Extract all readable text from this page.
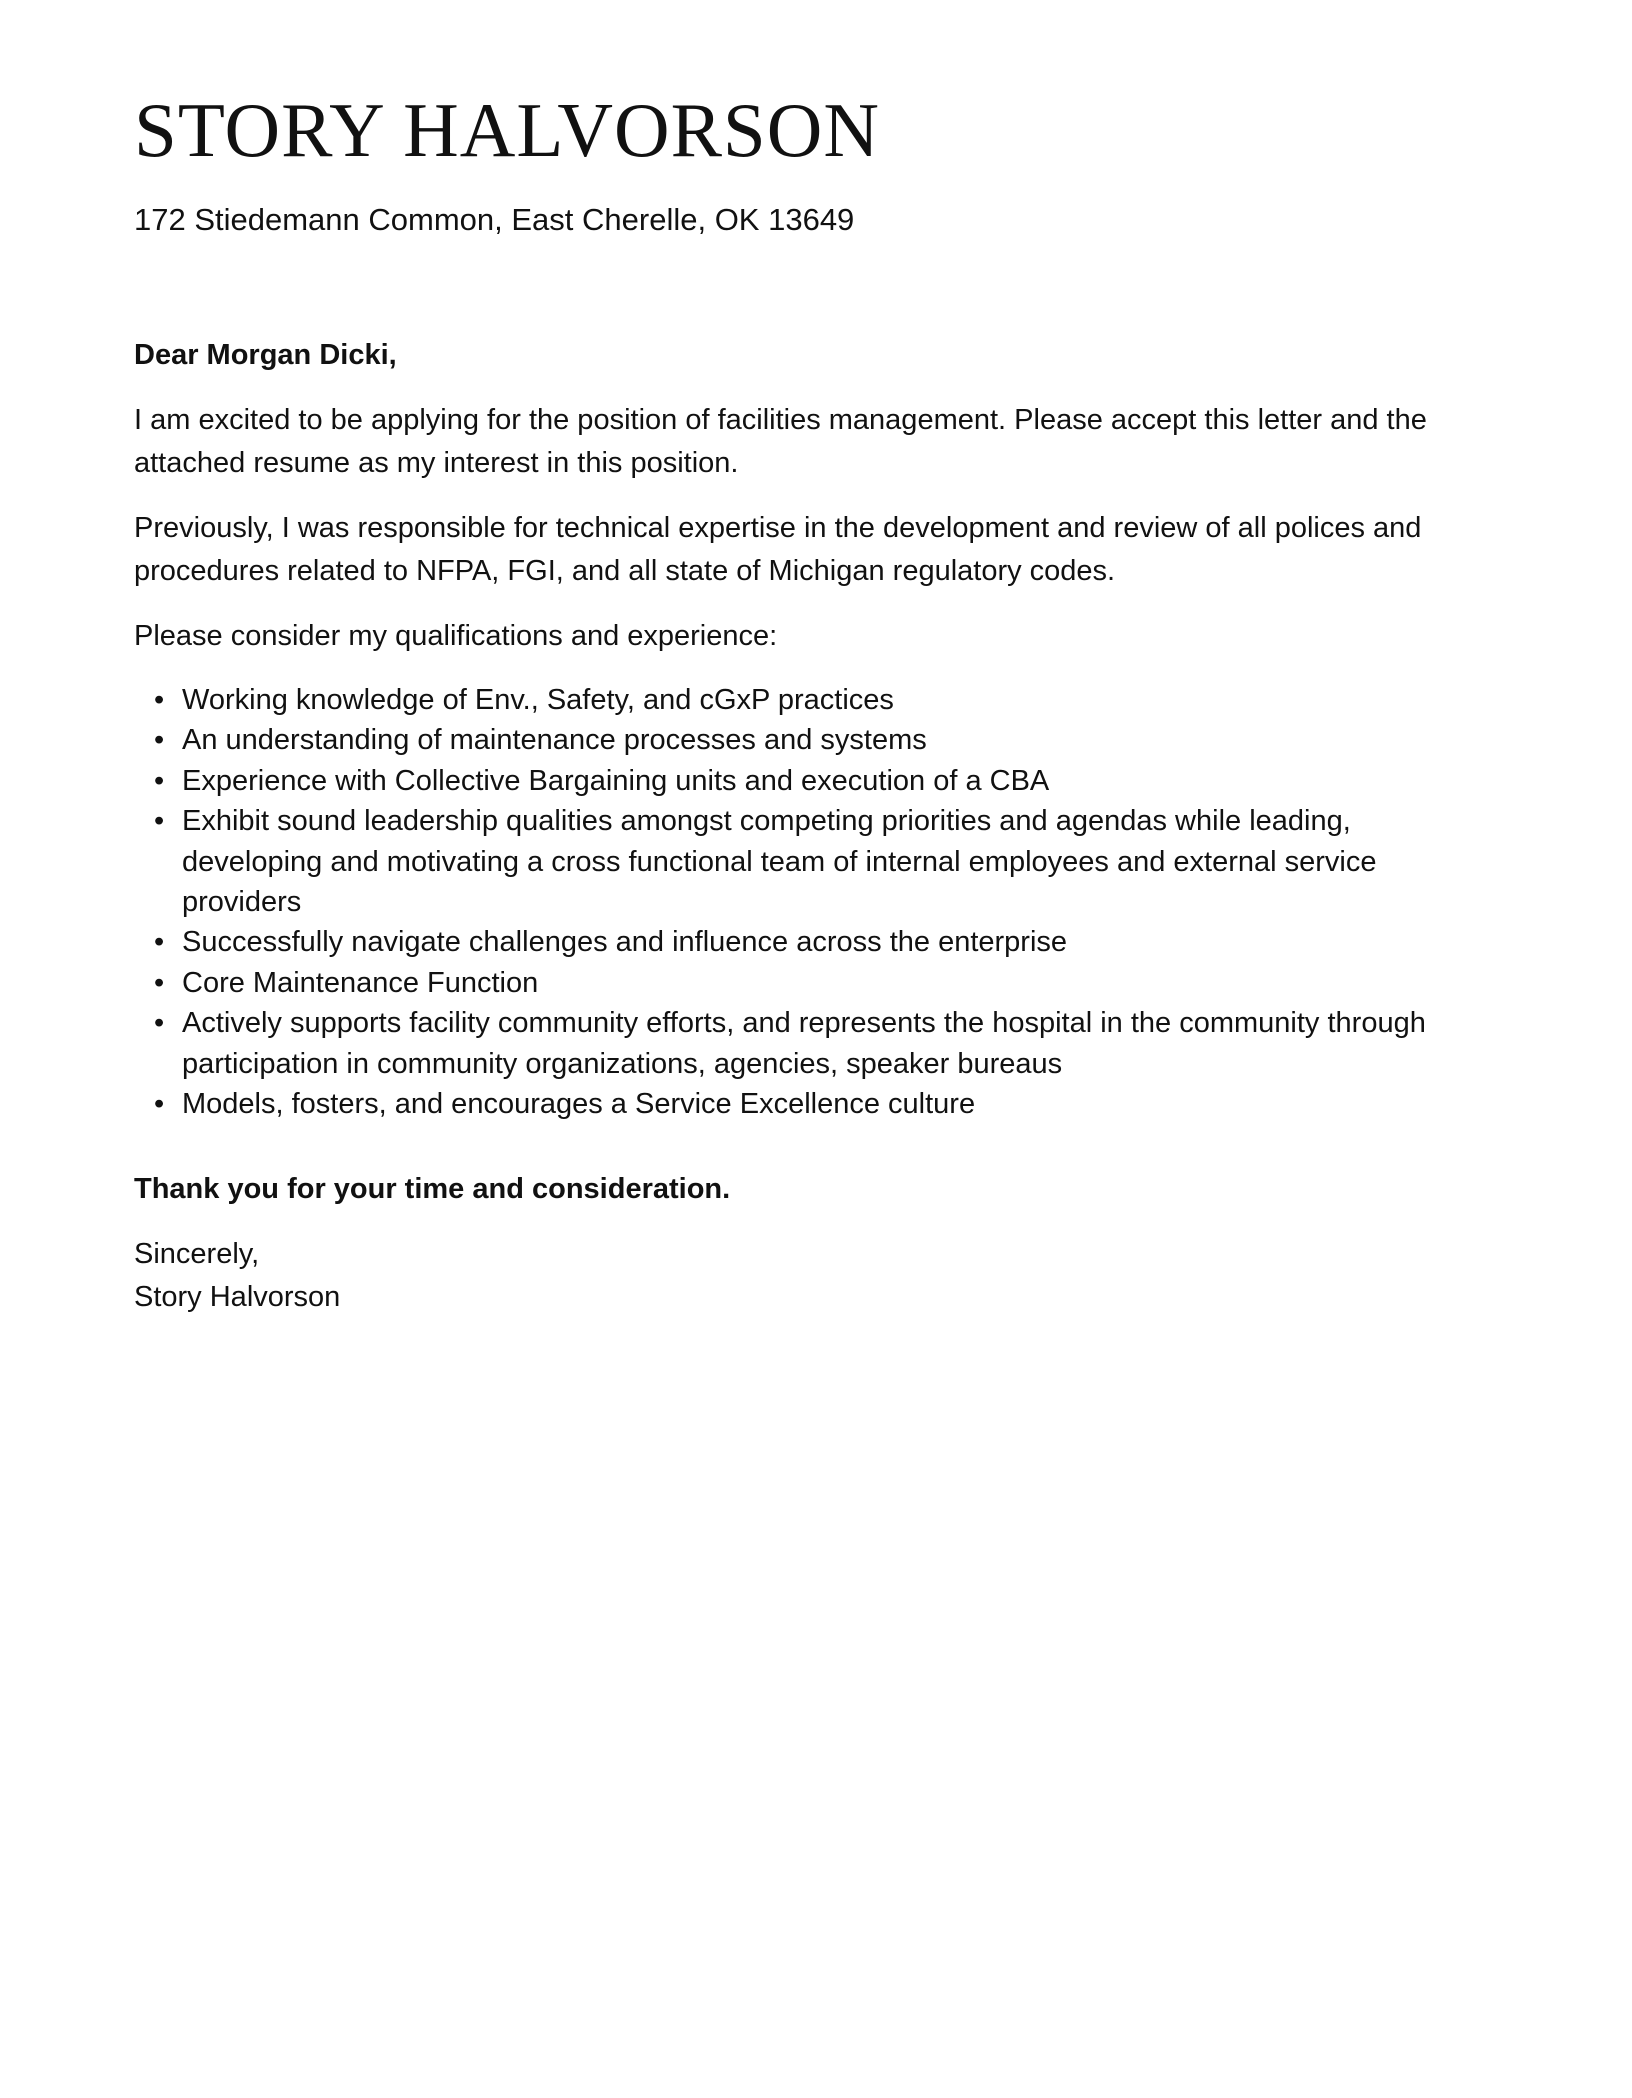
STORY HALVORSON
172 Stiedemann Common, East Cherelle, OK 13649

Dear Morgan Dicki,

I am excited to be applying for the position of facilities management. Please accept this letter and the attached resume as my interest in this position.

Previously, I was responsible for technical expertise in the development and review of all polices and procedures related to NFPA, FGI, and all state of Michigan regulatory codes.

Please consider my qualifications and experience:

• Working knowledge of Env., Safety, and cGxP practices
• An understanding of maintenance processes and systems
• Experience with Collective Bargaining units and execution of a CBA
• Exhibit sound leadership qualities amongst competing priorities and agendas while leading, developing and motivating a cross functional team of internal employees and external service providers
• Successfully navigate challenges and influence across the enterprise
• Core Maintenance Function
• Actively supports facility community efforts, and represents the hospital in the community through participation in community organizations, agencies, speaker bureaus
• Models, fosters, and encourages a Service Excellence culture

Thank you for your time and consideration.

Sincerely,
Story Halvorson
